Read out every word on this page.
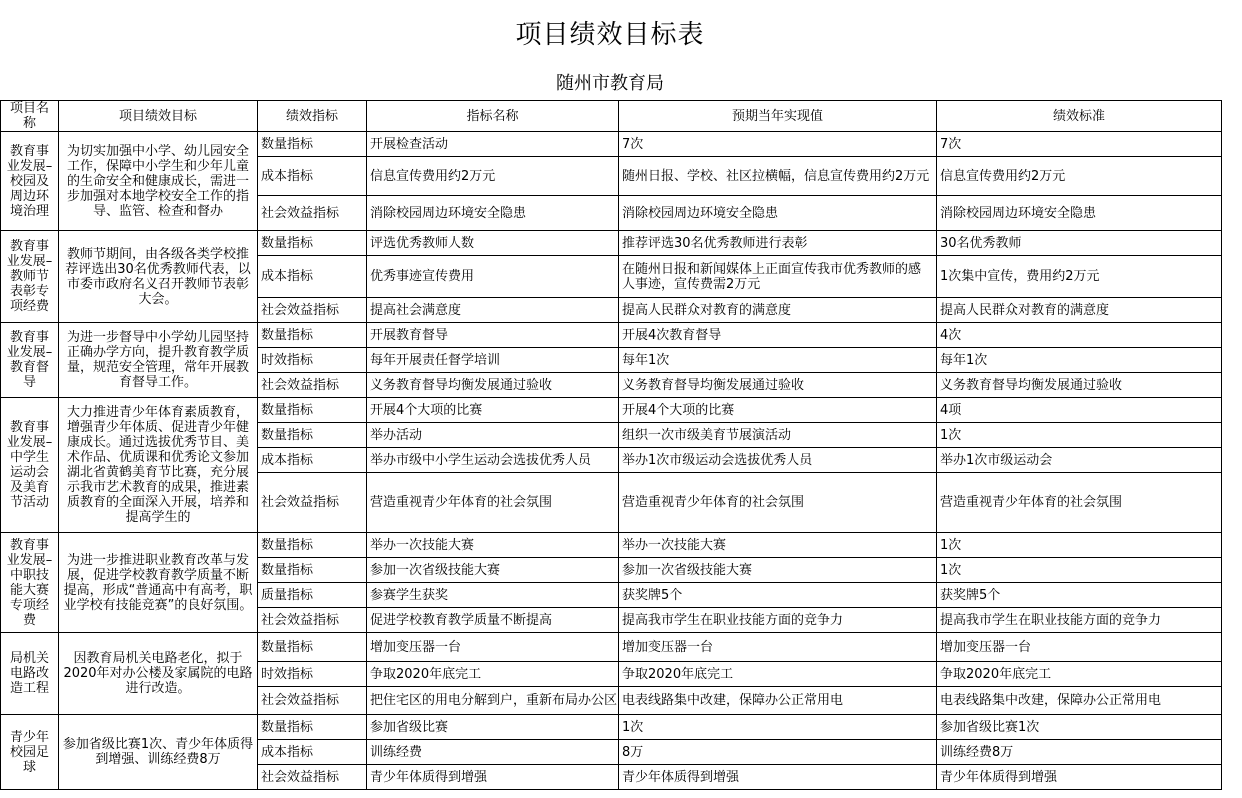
项目绩效目标表
随州市教育局
项目名称	项目绩效目标	绩效指标	指标名称	预期当年实现值	绩效标准

教育事业发展–校园及周边环境治理	为切实加强中小学、幼儿园安全工作，保障中小学生和少年儿童的生命安全和健康成长，需进一步加强对本地学校安全工作的指导、监管、检查和督办	数量指标	开展检查活动	7次	7次
		成本指标	信息宣传费用约2万元	随州日报、学校、社区拉横幅，信息宣传费用约2万元	信息宣传费用约2万元
		社会效益指标	消除校园周边环境安全隐患	消除校园周边环境安全隐患	消除校园周边环境安全隐患

教育事业发展–教师节表彰专项经费	教师节期间，由各级各类学校推荐评选出30名优秀教师代表，以市委市政府名义召开教师节表彰大会。	数量指标	评选优秀教师人数	推荐评选30名优秀教师进行表彰	30名优秀教师
		成本指标	优秀事迹宣传费用	在随州日报和新闻媒体上正面宣传我市优秀教师的感人事迹，宣传费需2万元	1次集中宣传，费用约2万元
		社会效益指标	提高社会满意度	提高人民群众对教育的满意度	提高人民群众对教育的满意度

教育事业发展–教育督导	为进一步督导中小学幼儿园坚持正确办学方向，提升教育教学质量，规范安全管理，常年开展教育督导工作。	数量指标	开展教育督导	开展4次教育督导	4次
		时效指标	每年开展责任督学培训	每年1次	每年1次
		社会效益指标	义务教育督导均衡发展通过验收	义务教育督导均衡发展通过验收	义务教育督导均衡发展通过验收

教育事业发展–中学生运动会及美育节活动	大力推进青少年体育素质教育，增强青少年体质、促进青少年健康成长。通过选拔优秀节目、美术作品、优质课和优秀论文参加湖北省黄鹤美育节比赛，充分展示我市艺术教育的成果，推进素质教育的全面深入开展，培养和提高学生的	数量指标	开展4个大项的比赛	开展4个大项的比赛	4项
		数量指标	举办活动	组织一次市级美育节展演活动	1次
		成本指标	举办市级中小学生运动会选拔优秀人员	举办1次市级运动会选拔优秀人员	举办1次市级运动会
		社会效益指标	营造重视青少年体育的社会氛围	营造重视青少年体育的社会氛围	营造重视青少年体育的社会氛围

教育事业发展–中职技能大赛专项经费	为进一步推进职业教育改革与发展，促进学校教育教学质量不断提高，形成“普通高中有高考，职业学校有技能竞赛”的良好氛围。	数量指标	举办一次技能大赛	举办一次技能大赛	1次
		数量指标	参加一次省级技能大赛	参加一次省级技能大赛	1次
		质量指标	参赛学生获奖	获奖牌5个	获奖牌5个
		社会效益指标	促进学校教育教学质量不断提高	提高我市学生在职业技能方面的竞争力	提高我市学生在职业技能方面的竞争力

局机关电路改造工程	因教育局机关电路老化，拟于2020年对办公楼及家属院的电路进行改造。	数量指标	增加变压器一台	增加变压器一台	增加变压器一台
		时效指标	争取2020年底完工	争取2020年底完工	争取2020年底完工
		社会效益指标	把住宅区的用电分解到户，重新布局办公区	电表线路集中改建，保障办公正常用电	电表线路集中改建，保障办公正常用电

青少年校园足球	参加省级比赛1次、青少年体质得到增强、训练经费8万	数量指标	参加省级比赛	1次	参加省级比赛1次
		成本指标	训练经费	8万	训练经费8万
		社会效益指标	青少年体质得到增强	青少年体质得到增强	青少年体质得到增强
